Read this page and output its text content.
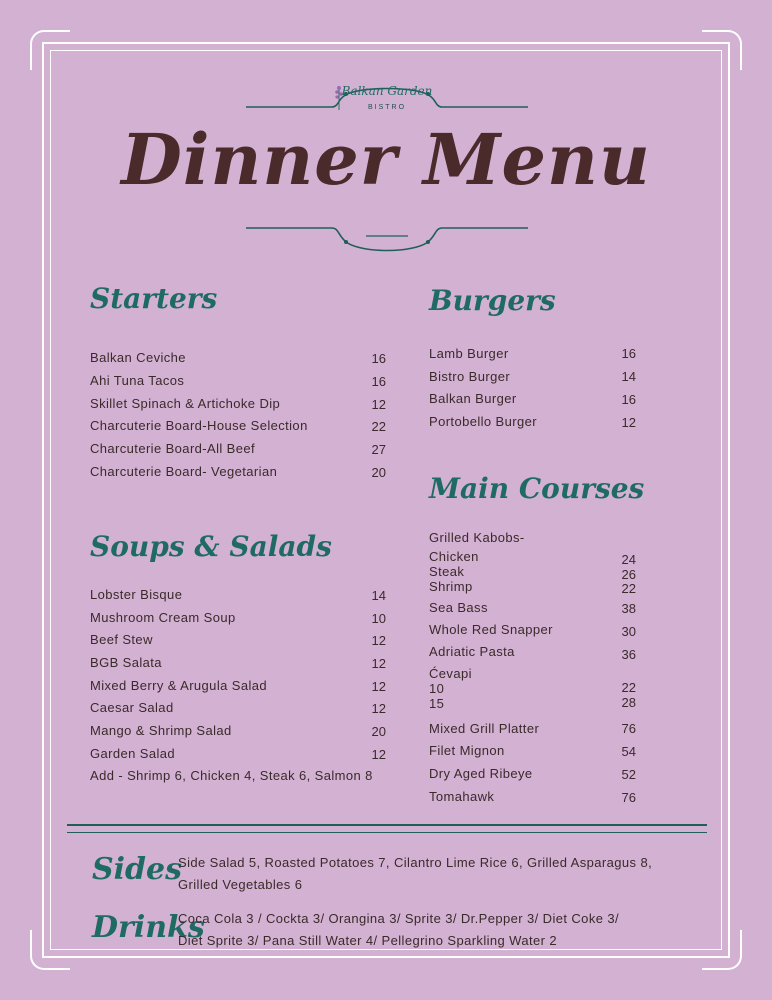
Balkan Garden
BISTRO
Dinner Menu
Starters
Balkan Ceviche	16
Ahi Tuna Tacos	16
Skillet Spinach & Artichoke Dip	12
Charcuterie Board-House Selection	22
Charcuterie Board-All Beef	27
Charcuterie Board- Vegetarian	20
Soups & Salads
Lobster Bisque	14
Mushroom Cream Soup	10
Beef Stew	12
BGB Salata	12
Mixed Berry & Arugula Salad	12
Caesar Salad	12
Mango & Shrimp Salad	20
Garden Salad	12
Add - Shrimp 6, Chicken 4, Steak 6, Salmon 8
Burgers
Lamb Burger	16
Bistro Burger	14
Balkan Burger	16
Portobello Burger	12
Main Courses
Grilled Kabobs-
Chicken	24
Steak	26
Shrimp	22
Sea Bass	38
Whole Red Snapper	30
Adriatic Pasta	36
Ćevapi
10	22
15	28
Mixed Grill Platter	76
Filet Mignon	54
Dry Aged Ribeye	52
Tomahawk	76
Sides
Side Salad 5, Roasted Potatoes 7, Cilantro Lime Rice 6, Grilled Asparagus 8,
Grilled Vegetables 6
Drinks
Coca Cola 3 / Cockta 3/ Orangina 3/ Sprite 3/ Dr.Pepper 3/ Diet Coke 3/
Diet Sprite 3/ Pana Still Water 4/ Pellegrino Sparkling Water 2
